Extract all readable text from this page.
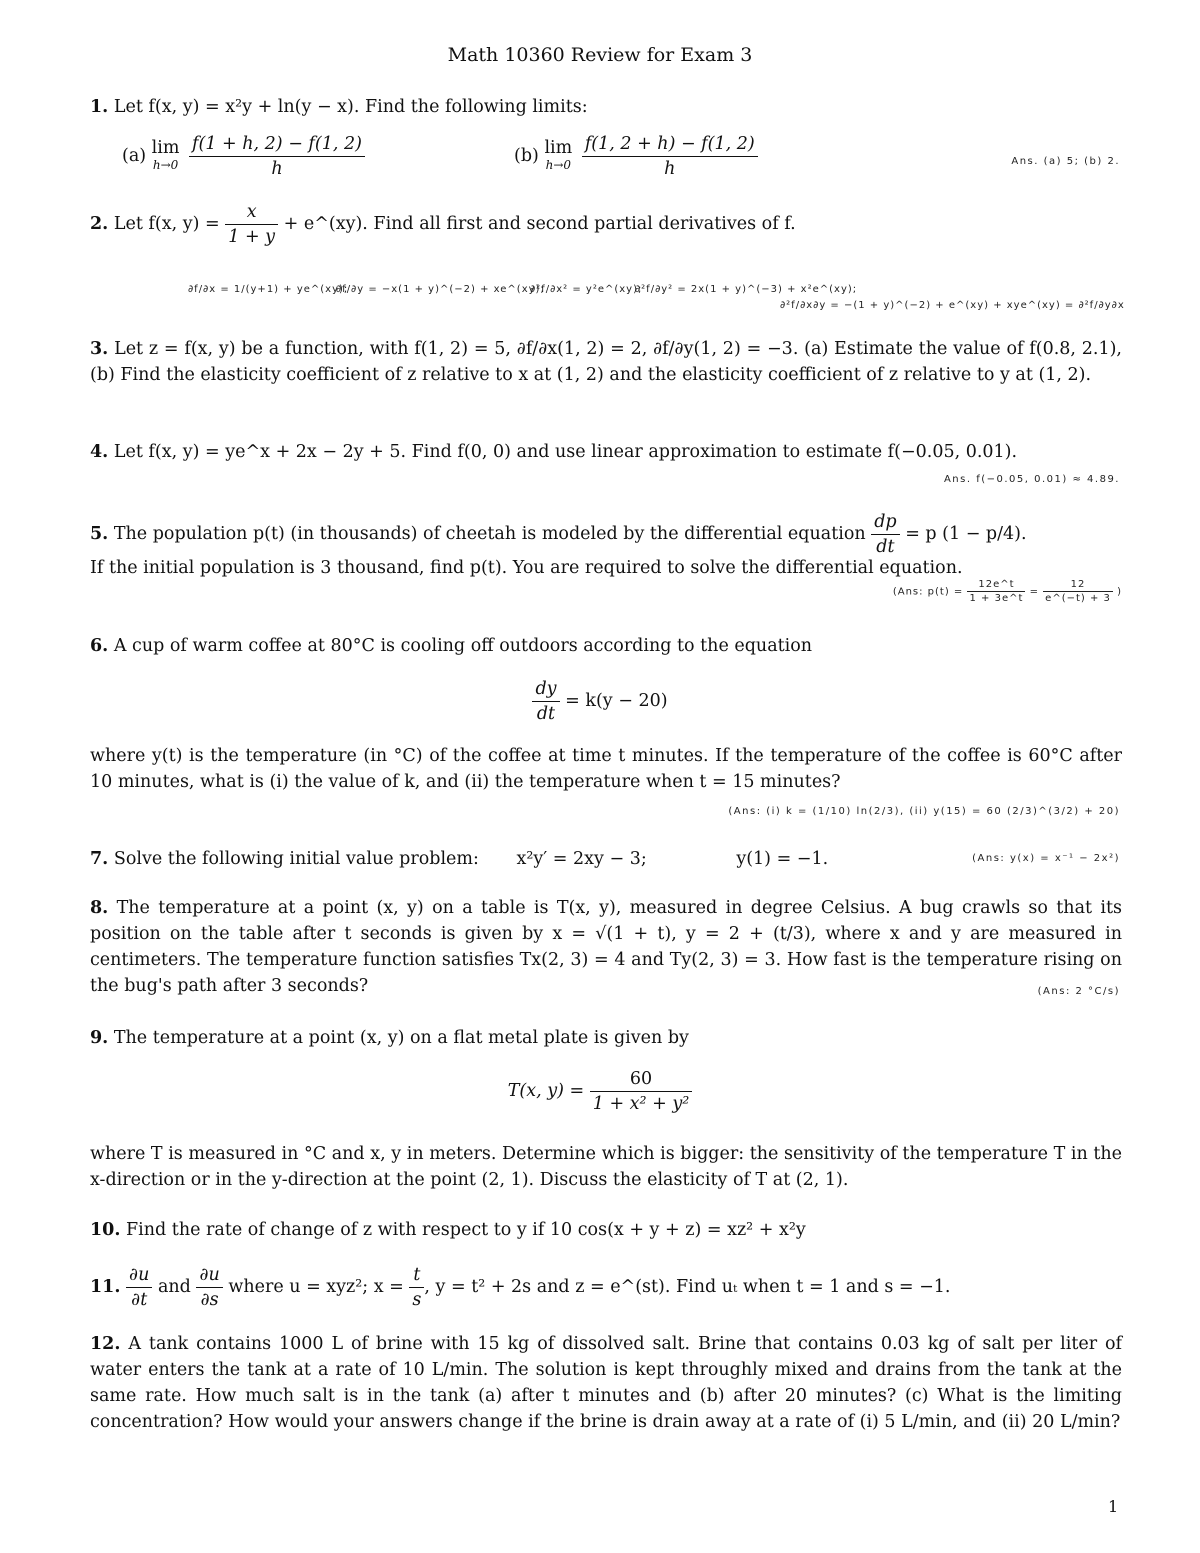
Math 10360 Review for Exam 3
1. Let f(x, y) = x²y + ln(y − x). Find the following limits:
(a) lim
h→0
$\frac{f(1 + h, 2) - f(1, 2)}{h}$	(b) lim
h→0
$\frac{f(1, 2 + h) - f(1, 2)}{h}$	Ans. (a) 5; (b) 2.
2. Let f(x, $y) = \frac{x}{1 + y}$ + e^(xy). Find all first and second partial derivatives of f.
∂f/∂x = 1/(y+1) + ye^(xy);
∂f/∂y = −x(1 + y)^(−2) + xe^(xy);
∂²f/∂x² = y²e^(xy);
∂²f/∂y² = 2x(1 + y)^(−3) + x²e^(xy);
∂²f/∂x∂y = −(1 + y)^(−2) + e^(xy) + xye^(xy) = ∂²f/∂y∂x
3. Let z = f(x, y) be a function, with f(1, 2) = 5, ∂f/∂x(1, 2) = 2, ∂f/∂y(1, 2) = −3. (a) Estimate the value of f(0.8, 2.1), (b) Find the elasticity coefficient of z relative to x at (1, 2) and the elasticity coefficient of z relative to y at (1, 2).
4. Let f(x, y) = ye^x + 2x − 2y + 5. Find f(0, 0) and use linear approximation to estimate f(−0.05, 0.01).
Ans. f(−0.05, 0.01) ≈ 4.89.
5. The population p(t) (in thousands) of cheetah is modeled by the differential equation $\frac{dp}{dt} = p$ (1 − p/4).
If the initial population is 3 thousand, find p(t). You are required to solve the differential equation.
(Ans: $p(t) = \frac{12e\^{}t}{1 + 3e\^{}t} = \frac{12}{e\^{}(-t) + 3}$ )
6. A cup of warm coffee at 80°C is cooling off outdoors according to the equation
$\frac{dy}{dt} = k(y - 20)$
where y(t) is the temperature (in °C) of the coffee at time t minutes. If the temperature of the coffee is 60°C after 10 minutes, what is (i) the value of k, and (ii) the temperature when t = 15 minutes?
(Ans: (i) k = (1/10) ln(2/3), (ii) y(15) = 60 (2/3)^(3/2) + 20)
7. Solve the following initial value problem: x²y′ = 2xy − 3;	y(1) = −1.	(Ans: y(x) = x⁻¹ − 2x²)
8. The temperature at a point (x, y) on a table is T(x, y), measured in degree Celsius. A bug crawls so that its position on the table after t seconds is given by x = √(1 + t), y = 2 + (t/3), where x and y are measured in centimeters. The temperature function satisfies Tx(2, 3) = 4 and Ty(2, 3) = 3. How fast is the temperature rising on the bug's path after 3 seconds?	(Ans: 2 °C/s)
9. The temperature at a point (x, y) on a flat metal plate is given by
T(x, $y) = \frac{60}{\text{1 + x² + y²}}$
where T is measured in °C and x, y in meters. Determine which is bigger: the sensitivity of the temperature T in the x-direction or in the y-direction at the point (2, 1). Discuss the elasticity of T at (2, 1).
10. Find the rate of change of z with respect to y if 10 cos(x + y + z) = xz² + x²y
11. $\frac{\partial u}{\partial t}$ and $\frac{\partial u}{\partial s}$ where u = xyz²; $x = \frac{t}{s}$ , y = t² + 2s and z = e^(st). Find uₜ when t = 1 and s = −1.
12. A tank contains 1000 L of brine with 15 kg of dissolved salt. Brine that contains 0.03 kg of salt per liter of water enters the tank at a rate of 10 L/min. The solution is kept throughly mixed and drains from the tank at the same rate. How much salt is in the tank (a) after t minutes and (b) after 20 minutes? (c) What is the limiting concentration? How would your answers change if the brine is drain away at a rate of (i) 5 L/min, and (ii) 20 L/min?
1
